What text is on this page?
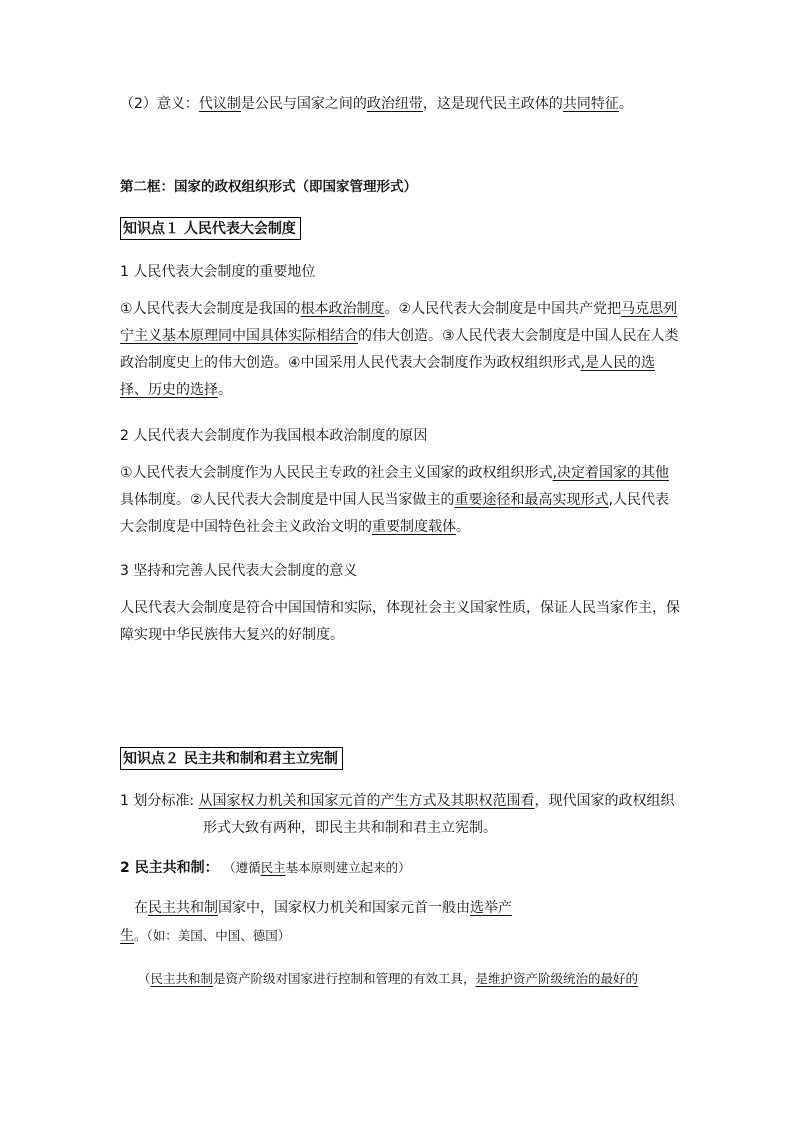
（2）意义：代议制是公民与国家之间的政治纽带，这是现代民主政体的共同特征。

第二框：国家的政权组织形式（即国家管理形式）

知识点１ 人民代表大会制度

1 人民代表大会制度的重要地位

①人民代表大会制度是我国的根本政治制度。②人民代表大会制度是中国共产党把马克思列宁主义基本原理同中国具体实际相结合的伟大创造。③人民代表大会制度是中国人民在人类政治制度史上的伟大创造。④中国采用人民代表大会制度作为政权组织形式,是人民的选择、历史的选择。

2 人民代表大会制度作为我国根本政治制度的原因

①人民代表大会制度作为人民民主专政的社会主义国家的政权组织形式,决定着国家的其他具体制度。②人民代表大会制度是中国人民当家做主的重要途径和最高实现形式,人民代表大会制度是中国特色社会主义政治文明的重要制度载体。

3 坚持和完善人民代表大会制度的意义

人民代表大会制度是符合中国国情和实际，体现社会主义国家性质，保证人民当家作主，保障实现中华民族伟大复兴的好制度。

知识点２ 民主共和制和君主立宪制

1 划分标准: 从国家权力机关和国家元首的产生方式及其职权范围看，现代国家的政权组织

形式大致有两种，即民主共和制和君主立宪制。

2 民主共和制： （遵循民主基本原则建立起来的）

在民主共和制国家中，国家权力机关和国家元首一般由选举产生。（如：美国、中国、德国）

（民主共和制是资产阶级对国家进行控制和管理的有效工具，是维护资产阶级统治的最好的
